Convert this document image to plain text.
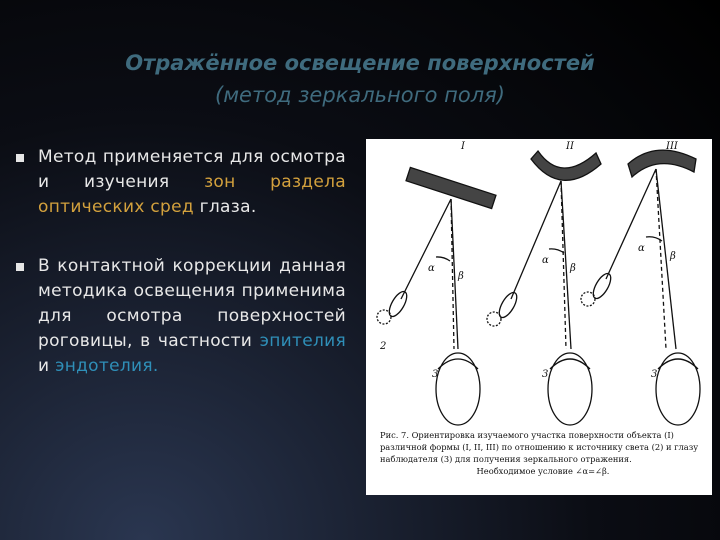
Отражённое освещение поверхностей
(метод зеркального поля)
Метод применяется для осмотра и изучения зон раздела оптических сред глаза.
В контактной коррекции данная методика освещения применима для осмотра поверхностей роговицы, в частности эпителия и эндотелия.
I	II	III
2
3	3	3
α
β
α
β
α
β
Рис. 7. Ориентировка изучаемого участка поверхности объекта (I) различной формы (I, II, III) по отношению к источнику света (2) и глазу наблюдателя (3) для получения зеркального отражения.
Необходимое условие ∠α=∠β.
